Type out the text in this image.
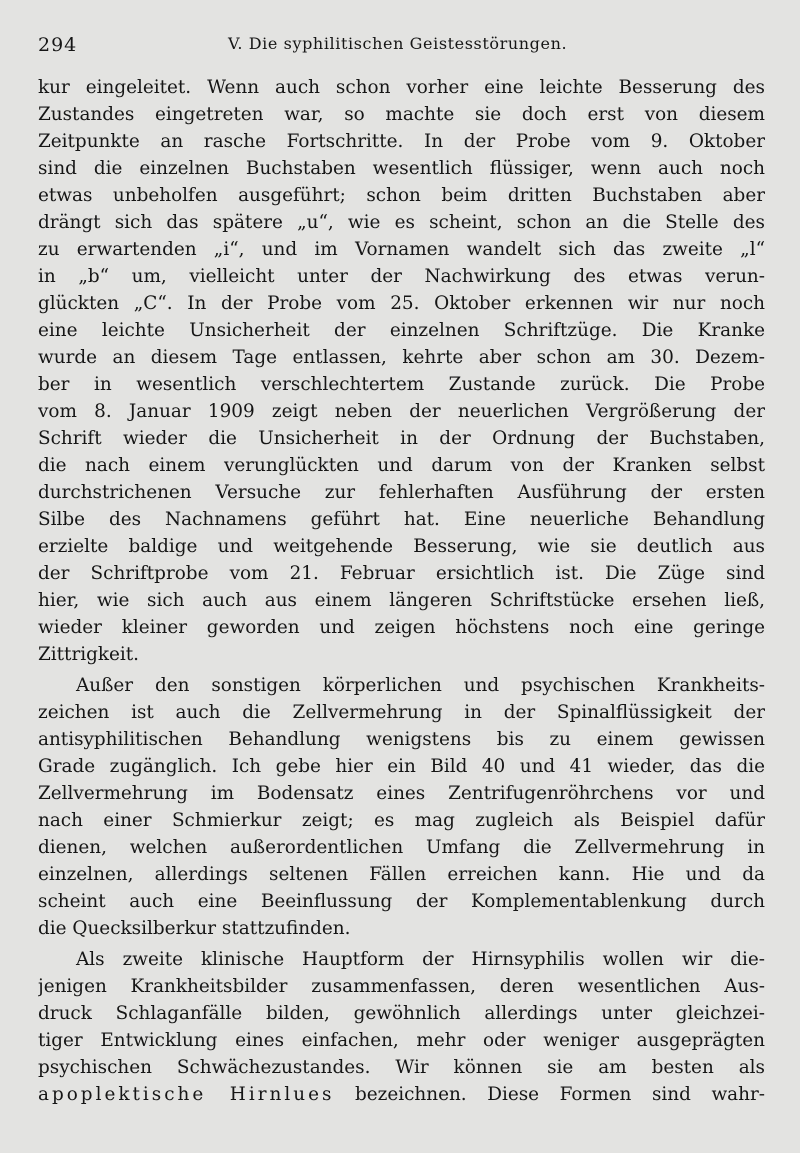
294	V. Die syphilitischen Geistesstörungen.
kur eingeleitet. Wenn auch schon vorher eine leichte Besserung des
Zustandes eingetreten war, so machte sie doch erst von diesem
Zeitpunkte an rasche Fortschritte. In der Probe vom 9. Oktober
sind die einzelnen Buchstaben wesentlich flüssiger, wenn auch noch
etwas unbeholfen ausgeführt; schon beim dritten Buchstaben aber
drängt sich das spätere „u“, wie es scheint, schon an die Stelle des
zu erwartenden „i“, und im Vornamen wandelt sich das zweite „l“
in „b“ um, vielleicht unter der Nachwirkung des etwas verun-
glückten „C“. In der Probe vom 25. Oktober erkennen wir nur noch
eine leichte Unsicherheit der einzelnen Schriftzüge. Die Kranke
wurde an diesem Tage entlassen, kehrte aber schon am 30. Dezem-
ber in wesentlich verschlechtertem Zustande zurück. Die Probe
vom 8. Januar 1909 zeigt neben der neuerlichen Vergrößerung der
Schrift wieder die Unsicherheit in der Ordnung der Buchstaben,
die nach einem verunglückten und darum von der Kranken selbst
durchstrichenen Versuche zur fehlerhaften Ausführung der ersten
Silbe des Nachnamens geführt hat. Eine neuerliche Behandlung
erzielte baldige und weitgehende Besserung, wie sie deutlich aus
der Schriftprobe vom 21. Februar ersichtlich ist. Die Züge sind
hier, wie sich auch aus einem längeren Schriftstücke ersehen ließ,
wieder kleiner geworden und zeigen höchstens noch eine geringe
Zittrigkeit.
Außer den sonstigen körperlichen und psychischen Krankheits-
zeichen ist auch die Zellvermehrung in der Spinalflüssigkeit der
antisyphilitischen Behandlung wenigstens bis zu einem gewissen
Grade zugänglich. Ich gebe hier ein Bild 40 und 41 wieder, das die
Zellvermehrung im Bodensatz eines Zentrifugenröhrchens vor und
nach einer Schmierkur zeigt; es mag zugleich als Beispiel dafür
dienen, welchen außerordentlichen Umfang die Zellvermehrung in
einzelnen, allerdings seltenen Fällen erreichen kann. Hie und da
scheint auch eine Beeinflussung der Komplementablenkung durch
die Quecksilberkur stattzufinden.
Als zweite klinische Hauptform der Hirnsyphilis wollen wir die-
jenigen Krankheitsbilder zusammenfassen, deren wesentlichen Aus-
druck Schlaganfälle bilden, gewöhnlich allerdings unter gleichzei-
tiger Entwicklung eines einfachen, mehr oder weniger ausgeprägten
psychischen Schwächezustandes. Wir können sie am besten als
apoplektische Hirnlues bezeichnen. Diese Formen sind wahr-
